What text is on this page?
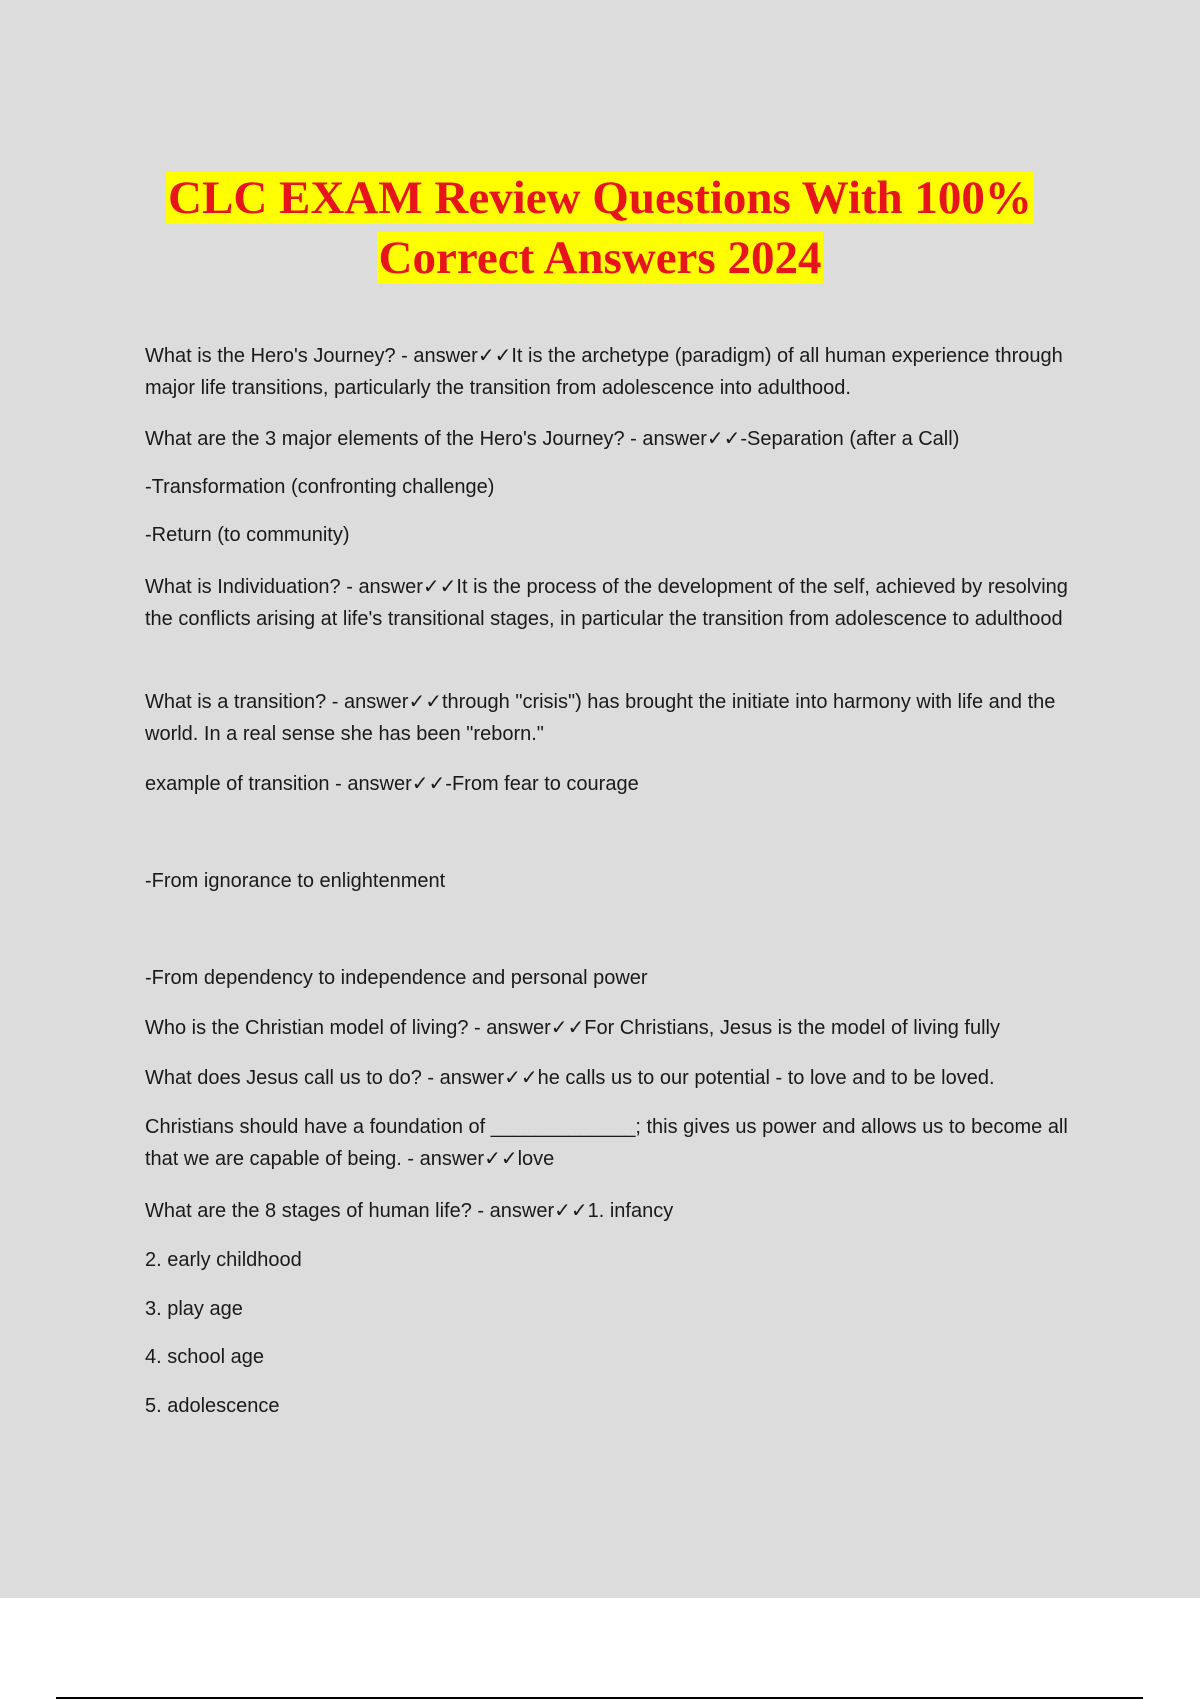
CLC EXAM Review Questions With 100%
Correct Answers 2024

What is the Hero's Journey? - answer✓✓It is the archetype (paradigm) of all human experience through major life transitions, particularly the transition from adolescence into adulthood.

What are the 3 major elements of the Hero's Journey? - answer✓✓-Separation (after a Call)

-Transformation (confronting challenge)

-Return (to community)

What is Individuation? - answer✓✓It is the process of the development of the self, achieved by resolving the conflicts arising at life's transitional stages, in particular the transition from adolescence to adulthood

What is a transition? - answer✓✓through "crisis") has brought the initiate into harmony with life and the world. In a real sense she has been "reborn."

example of transition - answer✓✓-From fear to courage

-From ignorance to enlightenment

-From dependency to independence and personal power

Who is the Christian model of living? - answer✓✓For Christians, Jesus is the model of living fully

What does Jesus call us to do? - answer✓✓he calls us to our potential - to love and to be loved.

Christians should have a foundation of _____________; this gives us power and allows us to become all that we are capable of being. - answer✓✓love

What are the 8 stages of human life? - answer✓✓1. infancy

2. early childhood

3. play age

4. school age

5. adolescence
